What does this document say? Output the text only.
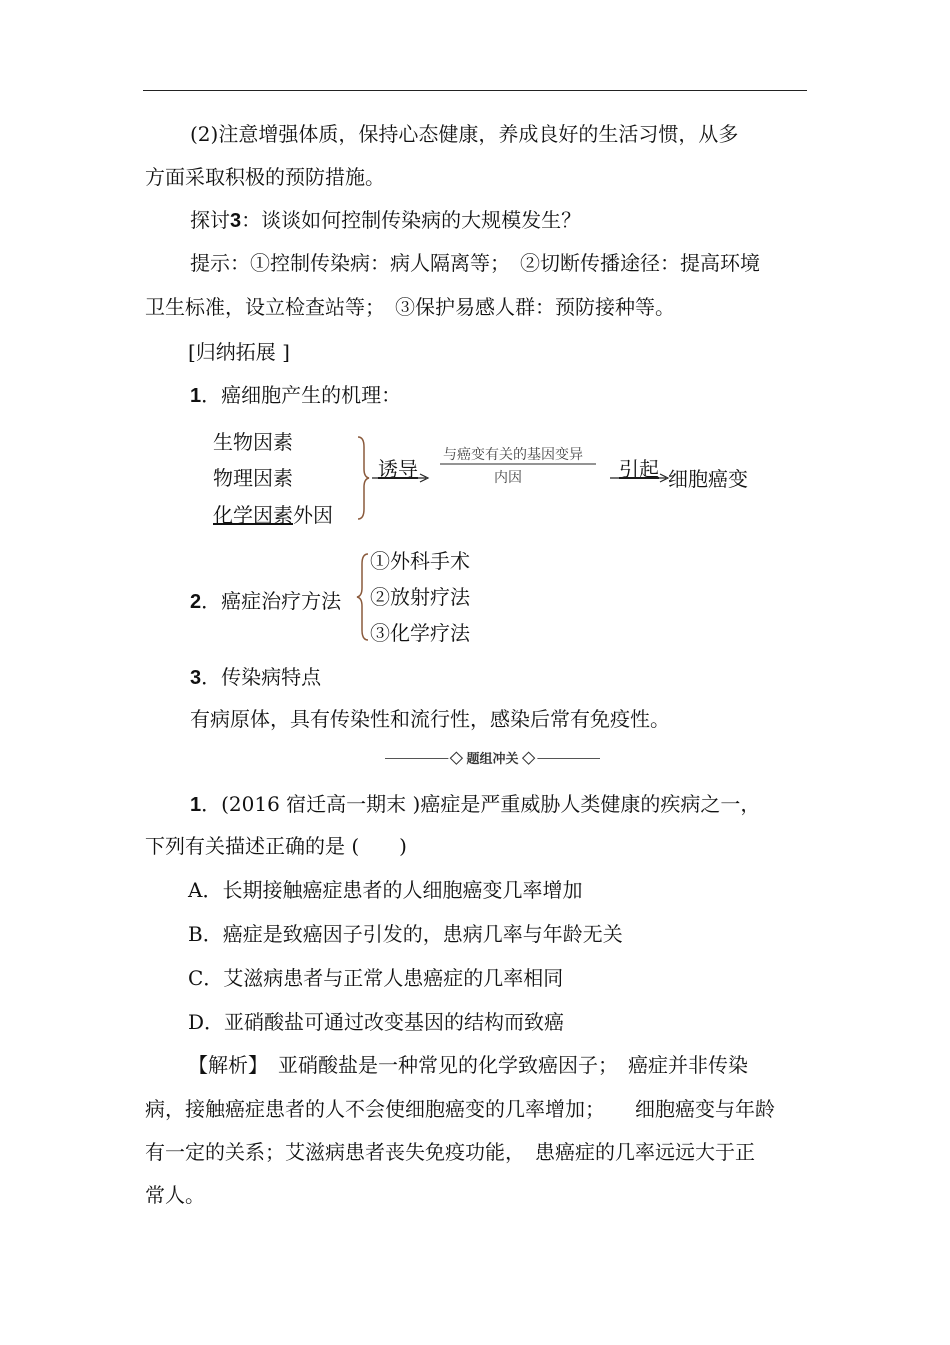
(2)注意增强体质，保持心态健康，养成良好的生活习惯，从多
方面采取积极的预防措施。
探讨3：谈谈如何控制传染病的大规模发生？
提示：①控制传染病：病人隔离等；　②切断传播途径：提高环境
卫生标准，设立检查站等；　③保护易感人群：预防接种等。
[归纳拓展 ]
1．癌细胞产生的机理：
生物因素
物理因素
化学因素外因
诱导
与癌变有关的基因变异
内因	引起 细胞癌变
2．癌症治疗方法
①外科手术
②放射疗法
③化学疗法
3．传染病特点
有病原体，具有传染性和流行性，感染后常有免疫性。
◇ 题组冲关 ◇
1．(2016 宿迁高一期末 )癌症是严重威胁人类健康的疾病之一，
下列有关描述正确的是 (　　)
A．长期接触癌症患者的人细胞癌变几率增加
B．癌症是致癌因子引发的，患病几率与年龄无关
C．艾滋病患者与正常人患癌症的几率相同
D．亚硝酸盐可通过改变基因的结构而致癌
【解析】　亚硝酸盐是一种常见的化学致癌因子；　癌症并非传染
病，接触癌症患者的人不会使细胞癌变的几率增加；　　细胞癌变与年龄
有一定的关系；艾滋病患者丧失免疫功能，　患癌症的几率远远大于正
常人。
